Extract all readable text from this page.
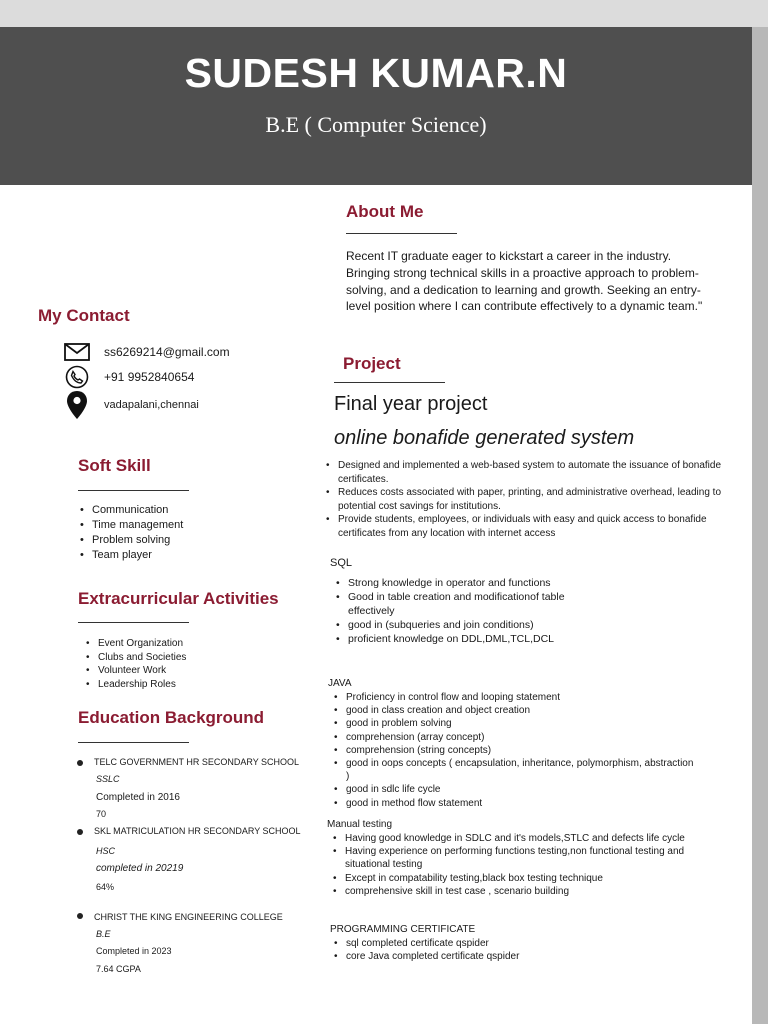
SUDESH KUMAR.N
B.E ( Computer Science)
About Me
Recent IT graduate eager to kickstart a career in the industry. Bringing strong technical skills in a proactive approach to problem-solving, and a dedication to learning and growth. Seeking an entry-level position where I can contribute effectively to a dynamic team."
My Contact
ss6269214@gmail.com
+91 9952840654
vadapalani,chennai
Soft Skill
• Communication
• Time management
• Problem solving
• Team player
Extracurricular Activities
• Event Organization
• Clubs and Societies
• Volunteer Work
• Leadership Roles
Education Background
TELC GOVERNMENT HR SECONDARY SCHOOL
SSLC
Completed in 2016
70
SKL MATRICULATION HR SECONDARY SCHOOL
HSC
completed in 20219
64%
CHRIST THE KING ENGINEERING COLLEGE
B.E
Completed in 2023
7.64 CGPA
Project
Final year project
online bonafide generated system
• Designed and implemented a web-based system to automate the issuance of bonafide certificates.
• Reduces costs associated with paper, printing, and administrative overhead, leading to potential cost savings for institutions.
• Provide students, employees, or individuals with easy and quick access to bonafide certificates from any location with internet access
SQL
• Strong knowledge in operator and functions
• Good in table creation and modificationof table effectively
• good in (subqueries and join conditions)
• proficient knowledge on DDL,DML,TCL,DCL
JAVA
• Proficiency in control flow and looping statement
• good in class creation and object creation
• good in problem solving
• comprehension (array concept)
• comprehension (string concepts)
• good in oops concepts ( encapsulation, inheritance, polymorphism, abstraction )
• good in sdlc life cycle
• good in method flow statement
Manual testing
• Having good knowledge in SDLC and it's models,STLC and defects life cycle
• Having experience on performing functions testing,non functional testing and situational testing
• Except in compatability testing,black box testing technique
• comprehensive skill in test case , scenario building
PROGRAMMING CERTIFICATE
• sql completed certificate qspider
• core Java completed certificate qspider
